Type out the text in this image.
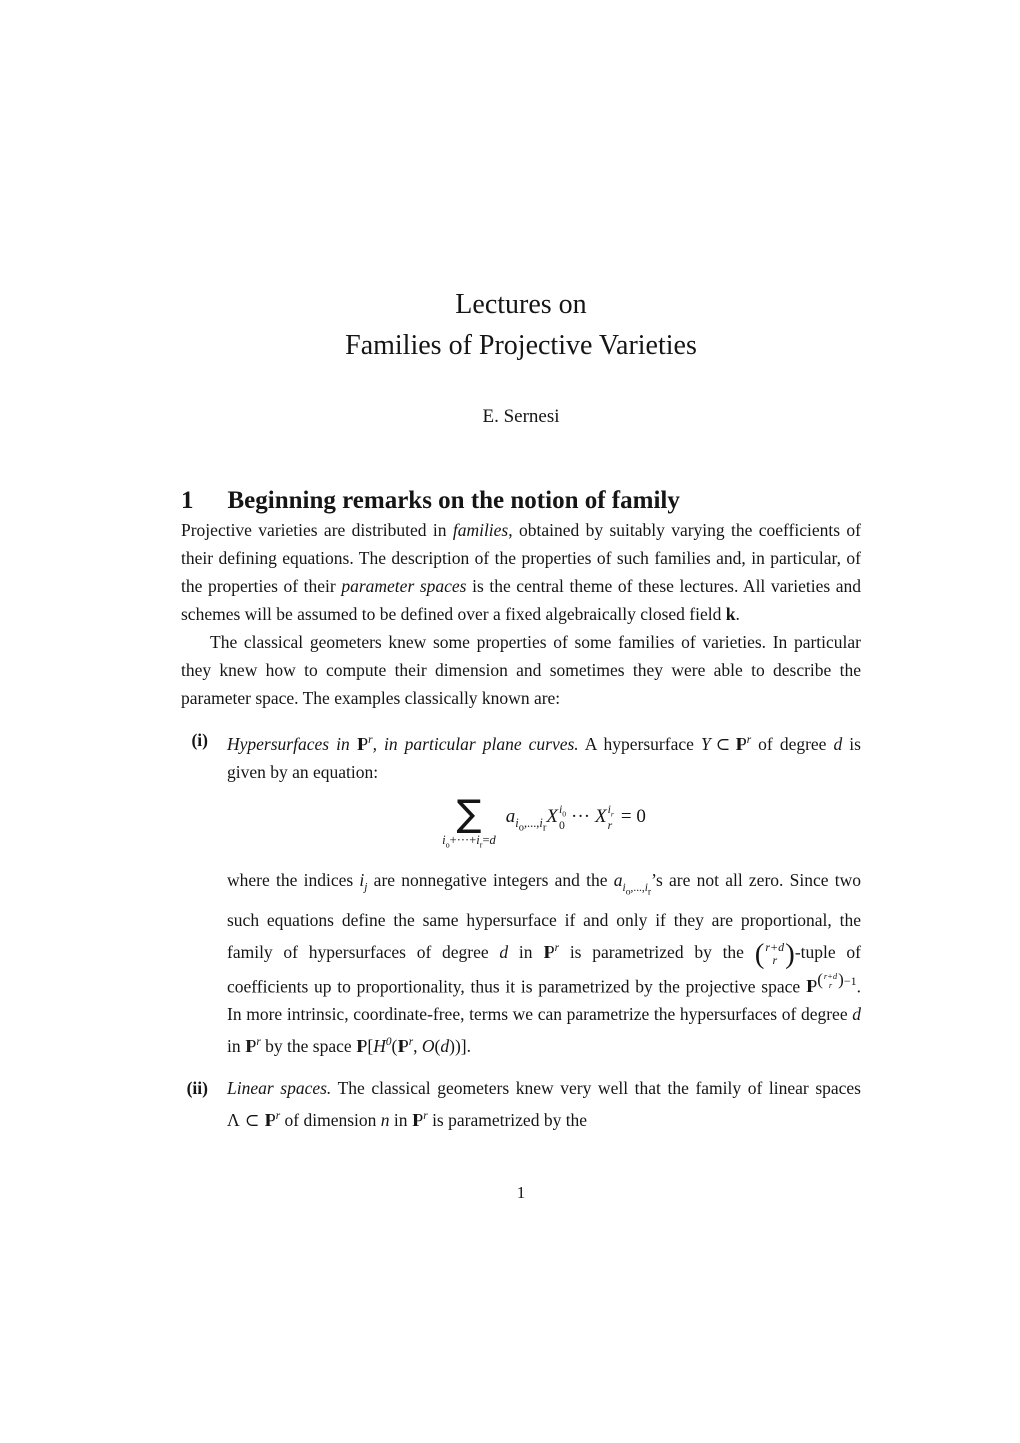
Lectures on
Families of Projective Varieties
E. Sernesi
1 Beginning remarks on the notion of family

Projective varieties are distributed in families, obtained by suitably varying the coefficients of their defining equations. The description of the properties of such families and, in particular, of the properties of their parameter spaces is the central theme of these lectures. All varieties and schemes will be assumed to be defined over a fixed algebraically closed field k.

The classical geometers knew some properties of some families of varieties. In particular they knew how to compute their dimension and sometimes they were able to describe the parameter space. The examples classically known are:

(i) Hypersurfaces in IP $^r$, in particular plane curves. A hypersurface Y ⊂ IP $^r$ of degree d is given by an equation:

∑
$i_o+\cdot\cdot\cdot+i_r=d$
$a_{i_o,...,i_r}X$ $i_0$
0 ··· X $i_r$
r = 0

where the indices $i_j$ are nonnegative integers and the $a_{i_o,...,i_r}’s$ are not all zero. Since two such equations define the same hypersurface if and only if they are proportional, the family of hypersurfaces of degree d in IP $^r$ is parametrized by the ( r+d
r ) -tuple of coefficients up to proportionality, thus it is parametrized by the projective space IP ( r+d
r ) −1 . In more intrinsic, coordinate-free, terms we can parametrize the hypersurfaces of degree d in IP $^r$ by the space IP [$H^0(IP$ $^r$, O(d))].

(ii) Linear spaces. The classical geometers knew very well that the family of linear spaces Λ ⊂ IP $^r$ of dimension n in IP $^r$ is parametrized by the

1
